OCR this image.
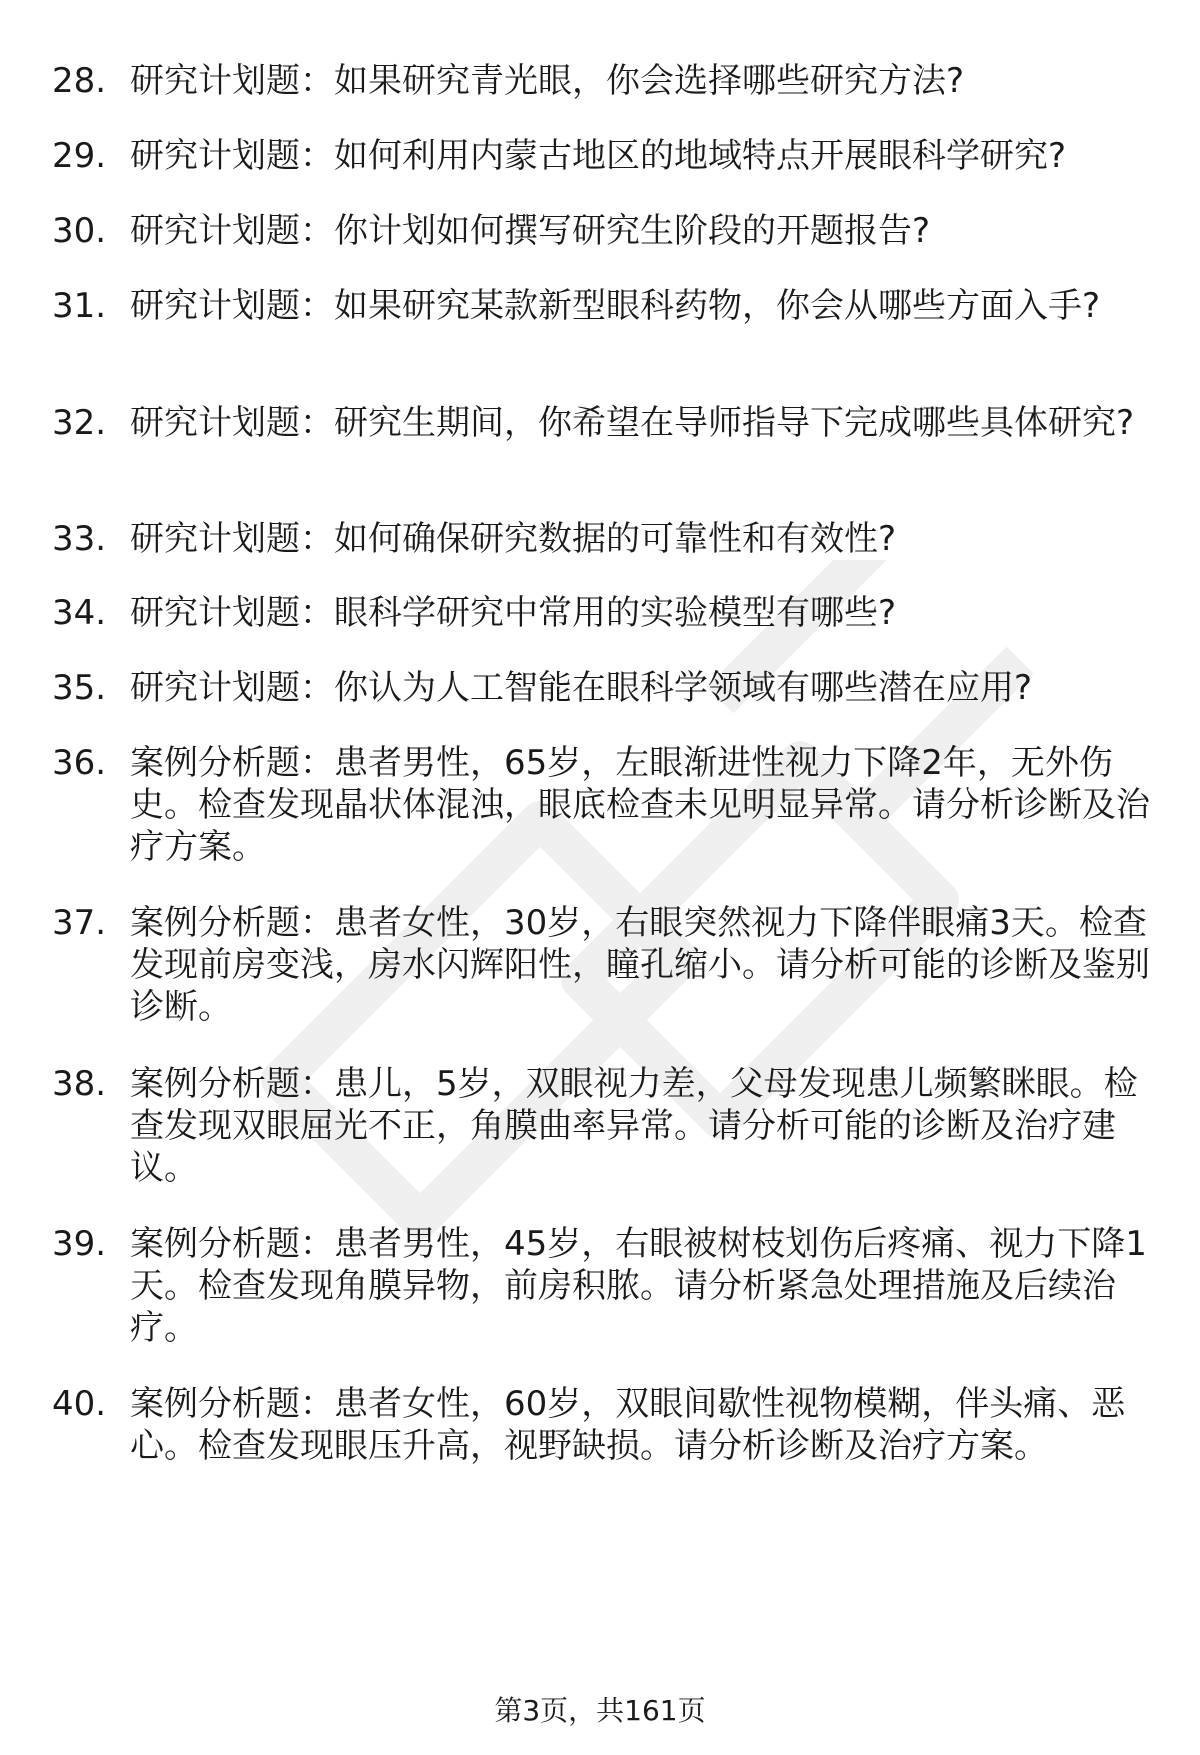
28. 研究计划题：如果研究青光眼，你会选择哪些研究方法?
29. 研究计划题：如何利用内蒙古地区的地域特点开展眼科学研究?
30. 研究计划题：你计划如何撰写研究生阶段的开题报告?
31. 研究计划题：如果研究某款新型眼科药物，你会从哪些方面入手?
32. 研究计划题：研究生期间，你希望在导师指导下完成哪些具体研究?
33. 研究计划题：如何确保研究数据的可靠性和有效性?
34. 研究计划题：眼科学研究中常用的实验模型有哪些?
35. 研究计划题：你认为人工智能在眼科学领域有哪些潜在应用?
36. 案例分析题：患者男性，65岁，左眼渐进性视力下降2年，无外伤史。检查发现晶状体混浊，眼底检查未见明显异常。请分析诊断及治疗方案。
37. 案例分析题：患者女性，30岁，右眼突然视力下降伴眼痛3天。检查发现前房变浅，房水闪辉阳性，瞳孔缩小。请分析可能的诊断及鉴别诊断。
38. 案例分析题：患儿，5岁，双眼视力差，父母发现患儿频繁眯眼。检查发现双眼屈光不正，角膜曲率异常。请分析可能的诊断及治疗建议。
39. 案例分析题：患者男性，45岁，右眼被树枝划伤后疼痛、视力下降1天。检查发现角膜异物，前房积脓。请分析紧急处理措施及后续治疗。
40. 案例分析题：患者女性，60岁，双眼间歇性视物模糊，伴头痛、恶心。检查发现眼压升高，视野缺损。请分析诊断及治疗方案。
第3页，共161页
